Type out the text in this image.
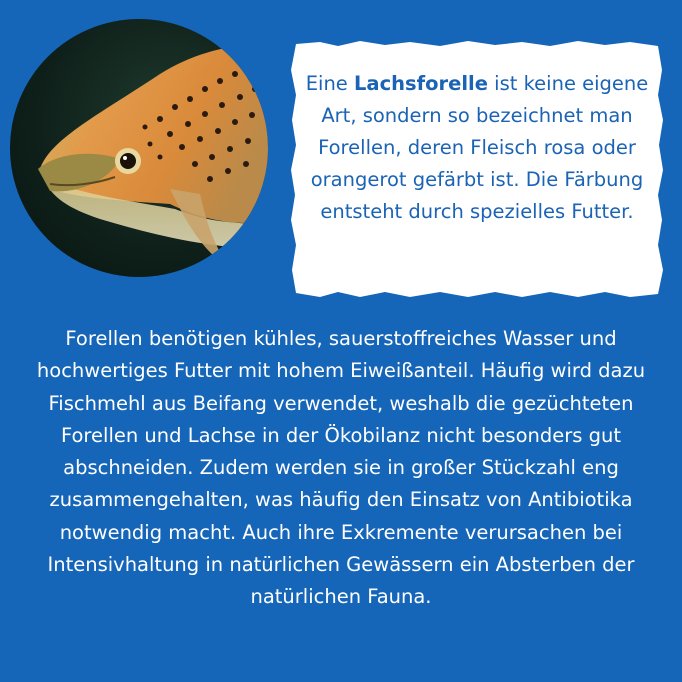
Eine Lachsforelle ist keine eigene Art, sondern so bezeichnet man Forellen, deren Fleisch rosa oder orangerot gefärbt ist. Die Färbung entsteht durch spezielles Futter.
Forellen benötigen kühles, sauerstoffreiches Wasser und hochwertiges Futter mit hohem Eiweißanteil. Häufig wird dazu Fischmehl aus Beifang verwendet, weshalb die gezüchteten Forellen und Lachse in der Ökobilanz nicht besonders gut abschneiden. Zudem werden sie in großer Stückzahl eng zusammengehalten, was häufig den Einsatz von Antibiotika notwendig macht. Auch ihre Exkremente verursachen bei Intensivhaltung in natürlichen Gewässern ein Absterben der natürlichen Fauna.
